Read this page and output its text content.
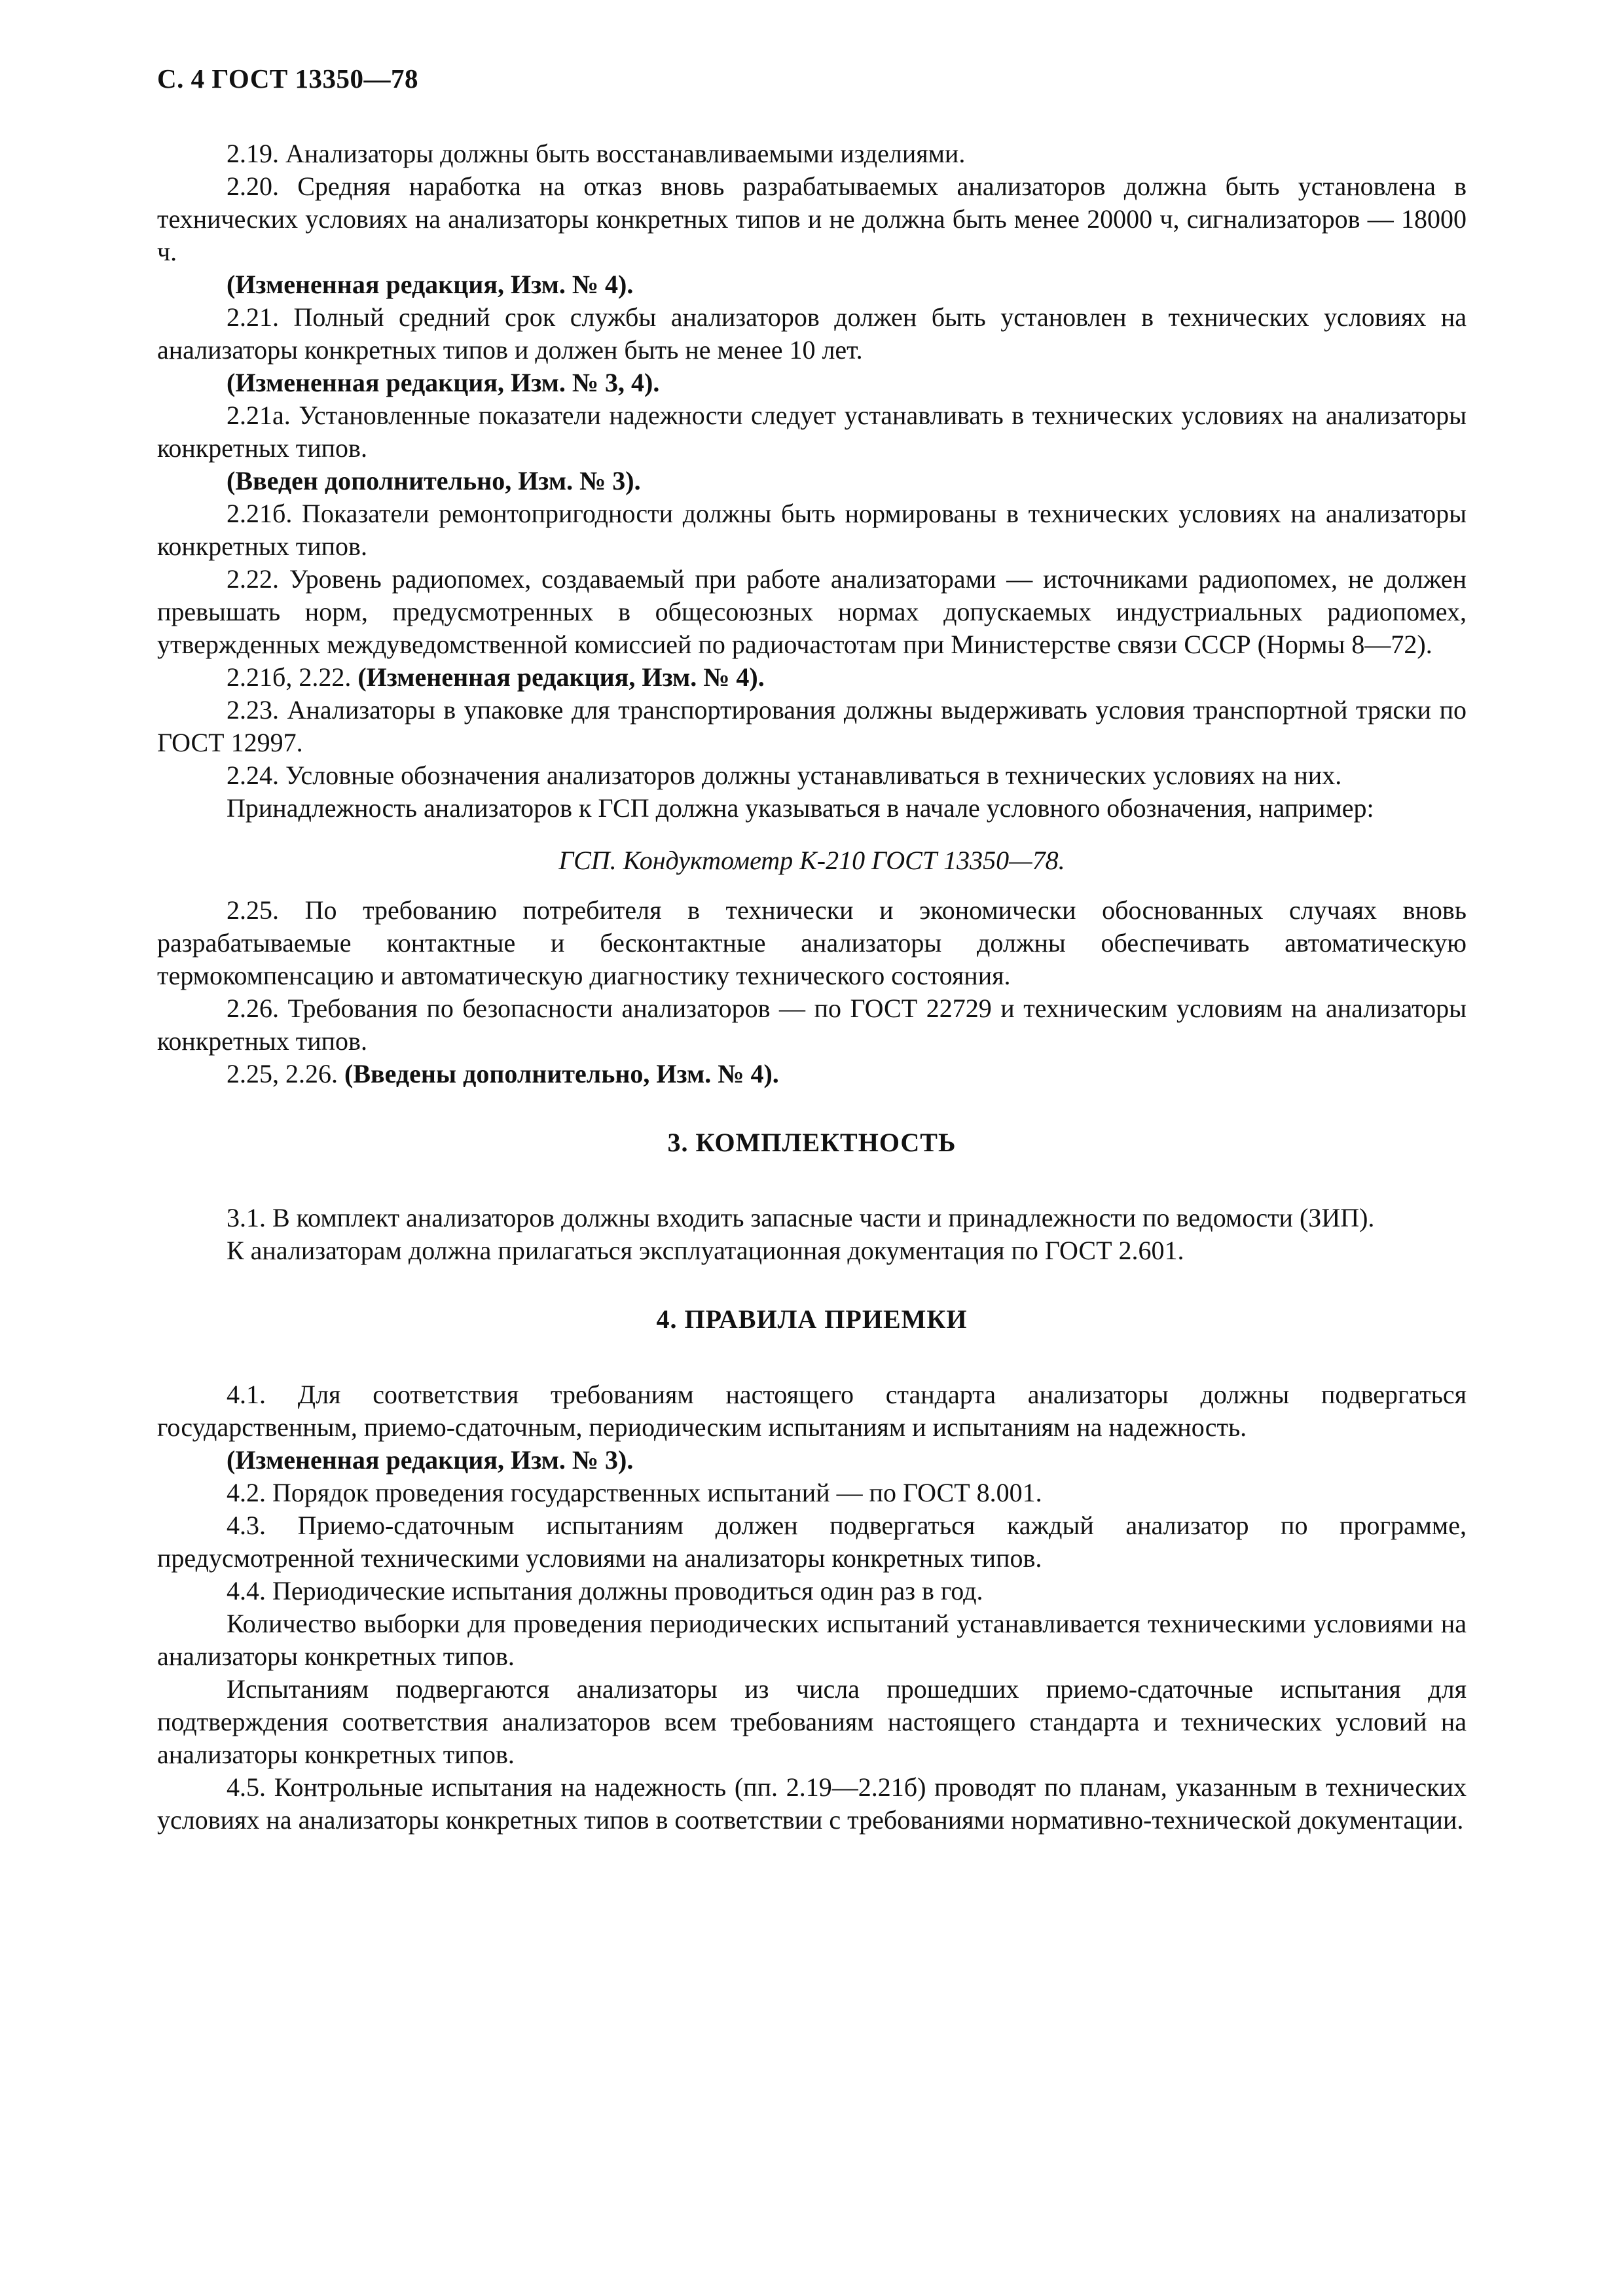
С. 4 ГОСТ 13350—78

2.19. Анализаторы должны быть восстанавливаемыми изделиями.

2.20. Средняя наработка на отказ вновь разрабатываемых анализаторов должна быть установлена в технических условиях на анализаторы конкретных типов и не должна быть менее 20000 ч, сигнализаторов — 18000 ч.

(Измененная редакция, Изм. № 4).

2.21. Полный средний срок службы анализаторов должен быть установлен в технических условиях на анализаторы конкретных типов и должен быть не менее 10 лет.

(Измененная редакция, Изм. № 3, 4).

2.21а. Установленные показатели надежности следует устанавливать в технических условиях на анализаторы конкретных типов.

(Введен дополнительно, Изм. № 3).

2.21б. Показатели ремонтопригодности должны быть нормированы в технических условиях на анализаторы конкретных типов.

2.22. Уровень радиопомех, создаваемый при работе анализаторами — источниками радиопомех, не должен превышать норм, предусмотренных в общесоюзных нормах допускаемых индустриальных радиопомех, утвержденных междуведомственной комиссией по радиочастотам при Министерстве связи СССР (Нормы 8—72).

2.21б, 2.22. (Измененная редакция, Изм. № 4).

2.23. Анализаторы в упаковке для транспортирования должны выдерживать условия транспортной тряски по ГОСТ 12997.

2.24. Условные обозначения анализаторов должны устанавливаться в технических условиях на них.

Принадлежность анализаторов к ГСП должна указываться в начале условного обозначения, например:

ГСП. Кондуктометр К-210 ГОСТ 13350—78.

2.25. По требованию потребителя в технически и экономически обоснованных случаях вновь разрабатываемые контактные и бесконтактные анализаторы должны обеспечивать автоматическую термокомпенсацию и автоматическую диагностику технического состояния.

2.26. Требования по безопасности анализаторов — по ГОСТ 22729 и техническим условиям на анализаторы конкретных типов.

2.25, 2.26. (Введены дополнительно, Изм. № 4).

3. КОМПЛЕКТНОСТЬ

3.1. В комплект анализаторов должны входить запасные части и принадлежности по ведомости (ЗИП).

К анализаторам должна прилагаться эксплуатационная документация по ГОСТ 2.601.

4. ПРАВИЛА ПРИЕМКИ

4.1. Для соответствия требованиям настоящего стандарта анализаторы должны подвергаться государственным, приемо-сдаточным, периодическим испытаниям и испытаниям на надежность.

(Измененная редакция, Изм. № 3).

4.2. Порядок проведения государственных испытаний — по ГОСТ 8.001.

4.3. Приемо-сдаточным испытаниям должен подвергаться каждый анализатор по программе, предусмотренной техническими условиями на анализаторы конкретных типов.

4.4. Периодические испытания должны проводиться один раз в год.

Количество выборки для проведения периодических испытаний устанавливается техническими условиями на анализаторы конкретных типов.

Испытаниям подвергаются анализаторы из числа прошедших приемо-сдаточные испытания для подтверждения соответствия анализаторов всем требованиям настоящего стандарта и технических условий на анализаторы конкретных типов.

4.5. Контрольные испытания на надежность (пп. 2.19—2.21б) проводят по планам, указанным в технических условиях на анализаторы конкретных типов в соответствии с требованиями нормативно-технической документации.
